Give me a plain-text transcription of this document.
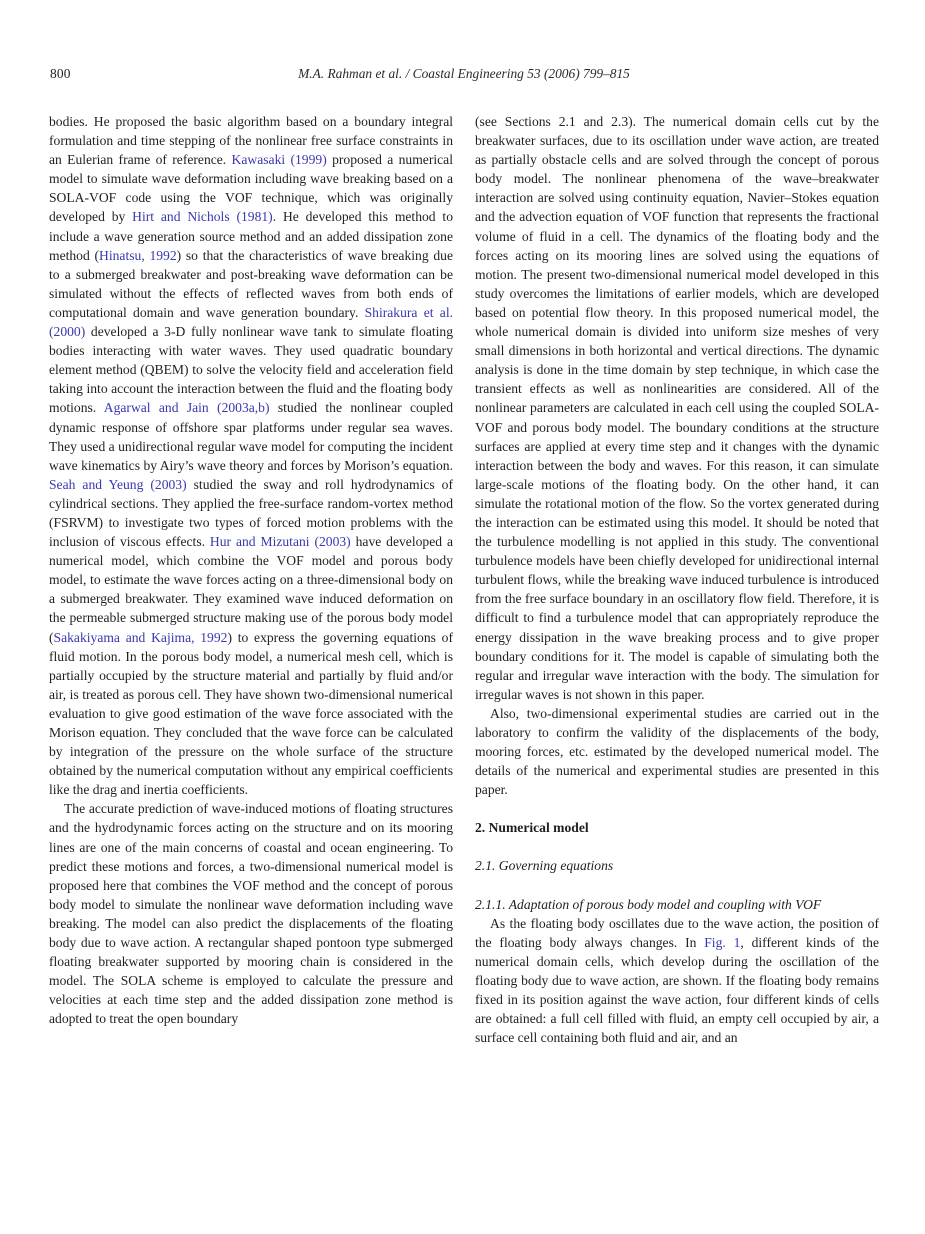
800	M.A. Rahman et al. / Coastal Engineering 53 (2006) 799–815

bodies. He proposed the basic algorithm based on a boundary integral formulation and time stepping of the nonlinear free surface constraints in an Eulerian frame of reference. Kawasaki (1999) proposed a numerical model to simulate wave deformation including wave breaking based on a SOLA-VOF code using the VOF technique, which was originally developed by Hirt and Nichols (1981). He developed this method to include a wave generation source method and an added dissipation zone method (Hinatsu, 1992) so that the characteristics of wave breaking due to a submerged breakwater and post-breaking wave deformation can be simulated without the effects of reflected waves from both ends of computational domain and wave generation boundary. Shirakura et al. (2000) developed a 3-D fully nonlinear wave tank to simulate floating bodies interacting with water waves. They used quadratic boundary element method (QBEM) to solve the velocity field and acceleration field taking into account the interaction between the fluid and the floating body motions. Agarwal and Jain (2003a,b) studied the nonlinear coupled dynamic response of offshore spar platforms under regular sea waves. They used a unidirectional regular wave model for computing the incident wave kinematics by Airy’s wave theory and forces by Morison’s equation. Seah and Yeung (2003) studied the sway and roll hydrodynamics of cylindrical sections. They applied the free-surface random-vortex method (FSRVM) to investigate two types of forced motion problems with the inclusion of viscous effects. Hur and Mizutani (2003) have developed a numerical model, which combine the VOF model and porous body model, to estimate the wave forces acting on a three-dimensional body on a submerged breakwater. They examined wave induced deformation on the permeable submerged structure making use of the porous body model (Sakakiyama and Kajima, 1992) to express the governing equations of fluid motion. In the porous body model, a numerical mesh cell, which is partially occupied by the structure material and partially by fluid and/or air, is treated as porous cell. They have shown two-dimensional numerical evaluation to give good estimation of the wave force associated with the Morison equation. They concluded that the wave force can be calculated by integration of the pressure on the whole surface of the structure obtained by the numerical computation without any empirical coefficients like the drag and inertia coefficients.

The accurate prediction of wave-induced motions of floating structures and the hydrodynamic forces acting on the structure and on its mooring lines are one of the main concerns of coastal and ocean engineering. To predict these motions and forces, a two-dimensional numerical model is proposed here that combines the VOF method and the concept of porous body model to simulate the nonlinear wave deformation including wave breaking. The model can also predict the displacements of the floating body due to wave action. A rectangular shaped pontoon type submerged floating breakwater supported by mooring chain is considered in the model. The SOLA scheme is employed to calculate the pressure and velocities at each time step and the added dissipation zone method is adopted to treat the open boundary

(see Sections 2.1 and 2.3). The numerical domain cells cut by the breakwater surfaces, due to its oscillation under wave action, are treated as partially obstacle cells and are solved through the concept of porous body model. The nonlinear phenomena of the wave–breakwater interaction are solved using continuity equation, Navier–Stokes equation and the advection equation of VOF function that represents the fractional volume of fluid in a cell. The dynamics of the floating body and the forces acting on its mooring lines are solved using the equations of motion. The present two-dimensional numerical model developed in this study overcomes the limitations of earlier models, which are developed based on potential flow theory. In this proposed numerical model, the whole numerical domain is divided into uniform size meshes of very small dimensions in both horizontal and vertical directions. The dynamic analysis is done in the time domain by step technique, in which case the transient effects as well as nonlinearities are considered. All of the nonlinear parameters are calculated in each cell using the coupled SOLA-VOF and porous body model. The boundary conditions at the structure surfaces are applied at every time step and it changes with the dynamic interaction between the body and waves. For this reason, it can simulate large-scale motions of the floating body. On the other hand, it can simulate the rotational motion of the flow. So the vortex generated during the interaction can be estimated using this model. It should be noted that the turbulence modelling is not applied in this study. The conventional turbulence models have been chiefly developed for unidirectional internal turbulent flows, while the breaking wave induced turbulence is introduced from the free surface boundary in an oscillatory flow field. Therefore, it is difficult to find a turbulence model that can appropriately reproduce the energy dissipation in the wave breaking process and to give proper boundary conditions for it. The model is capable of simulating both the regular and irregular wave interaction with the body. The simulation for irregular waves is not shown in this paper.

Also, two-dimensional experimental studies are carried out in the laboratory to confirm the validity of the displacements of the body, mooring forces, etc. estimated by the developed numerical model. The details of the numerical and experimental studies are presented in this paper.

2. Numerical model
2.1. Governing equations
2.1.1. Adaptation of porous body model and coupling with VOF

As the floating body oscillates due to the wave action, the position of the floating body always changes. In Fig. 1, different kinds of the numerical domain cells, which develop during the oscillation of the floating body due to wave action, are shown. If the floating body remains fixed in its position against the wave action, four different kinds of cells are obtained: a full cell filled with fluid, an empty cell occupied by air, a surface cell containing both fluid and air, and an
